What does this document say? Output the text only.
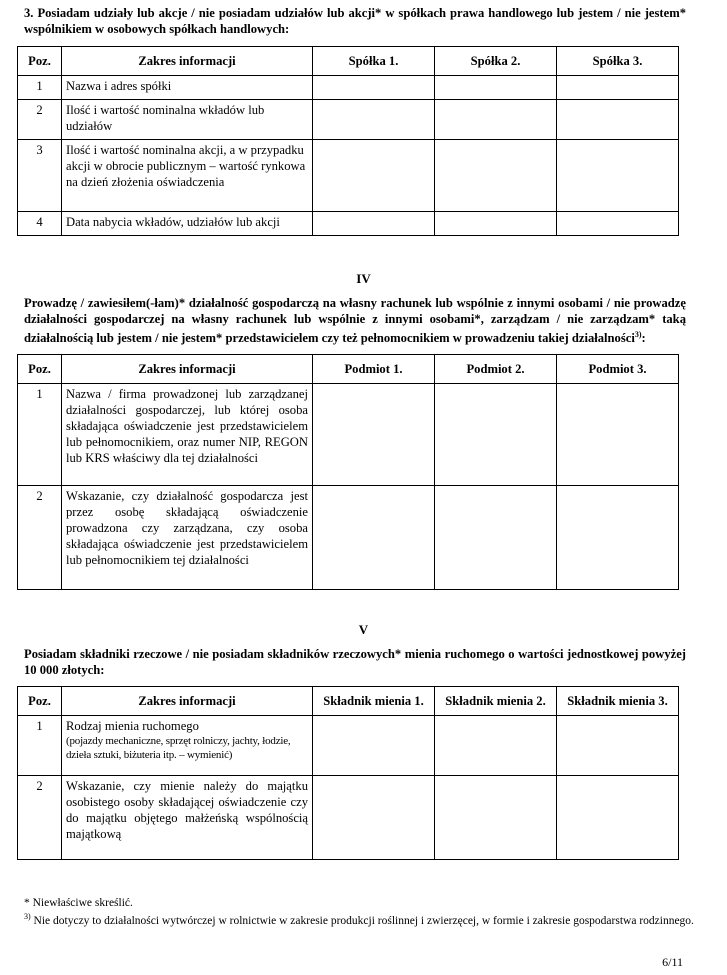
3. Posiadam udziały lub akcje / nie posiadam udziałów lub akcji* w spółkach prawa handlowego lub jestem / nie jestem* wspólnikiem w osobowych spółkach handlowych:
Poz.	Zakres informacji	Spółka 1.	Spółka 2.	Spółka 3.
1	Nazwa i adres spółki			
2	Ilość i wartość nominalna wkładów lub udziałów			
3	Ilość i wartość nominalna akcji, a w przypadku akcji w obrocie publicznym – wartość rynkowa na dzień złożenia oświadczenia			
4	Data nabycia wkładów, udziałów lub akcji			
IV
Prowadzę / zawiesiłem(-łam)* działalność gospodarczą na własny rachunek lub wspólnie z innymi osobami / nie prowadzę działalności gospodarczej na własny rachunek lub wspólnie z innymi osobami*, zarządzam / nie zarządzam* taką działalnością lub jestem / nie jestem* przedstawicielem czy też pełnomocnikiem w prowadzeniu takiej działalności$^{3)}$:
Poz.	Zakres informacji	Podmiot 1.	Podmiot 2.	Podmiot 3.
1	Nazwa / firma prowadzonej lub zarządzanej działalności gospodarczej, lub której osoba składająca oświadczenie jest przedstawicielem lub pełnomocnikiem, oraz numer NIP, REGON lub KRS właściwy dla tej działalności			
2	Wskazanie, czy działalność gospodarcza jest przez osobę składającą oświadczenie prowadzona czy zarządzana, czy osoba składająca oświadczenie jest przedstawicielem lub pełnomocnikiem tej działalności			
V
Posiadam składniki rzeczowe / nie posiadam składników rzeczowych* mienia ruchomego o wartości jednostkowej powyżej 10 000 złotych:
Poz.	Zakres informacji	Składnik mienia 1.	Składnik mienia 2.	Składnik mienia 3.
1	Rodzaj mienia ruchomego
(pojazdy mechaniczne, sprzęt rolniczy, jachty, łodzie, dzieła sztuki, biżuteria itp. – wymienić)			

2	Wskazanie, czy mienie należy do majątku osobistego osoby składającej oświadczenie czy do majątku objętego małżeńską wspólnością majątkową			
* Niewłaściwe skreślić.
$^{3)}$ Nie dotyczy to działalności wytwórczej w rolnictwie w zakresie produkcji roślinnej i zwierzęcej, w formie i zakresie gospodarstwa rodzinnego.
6/11
